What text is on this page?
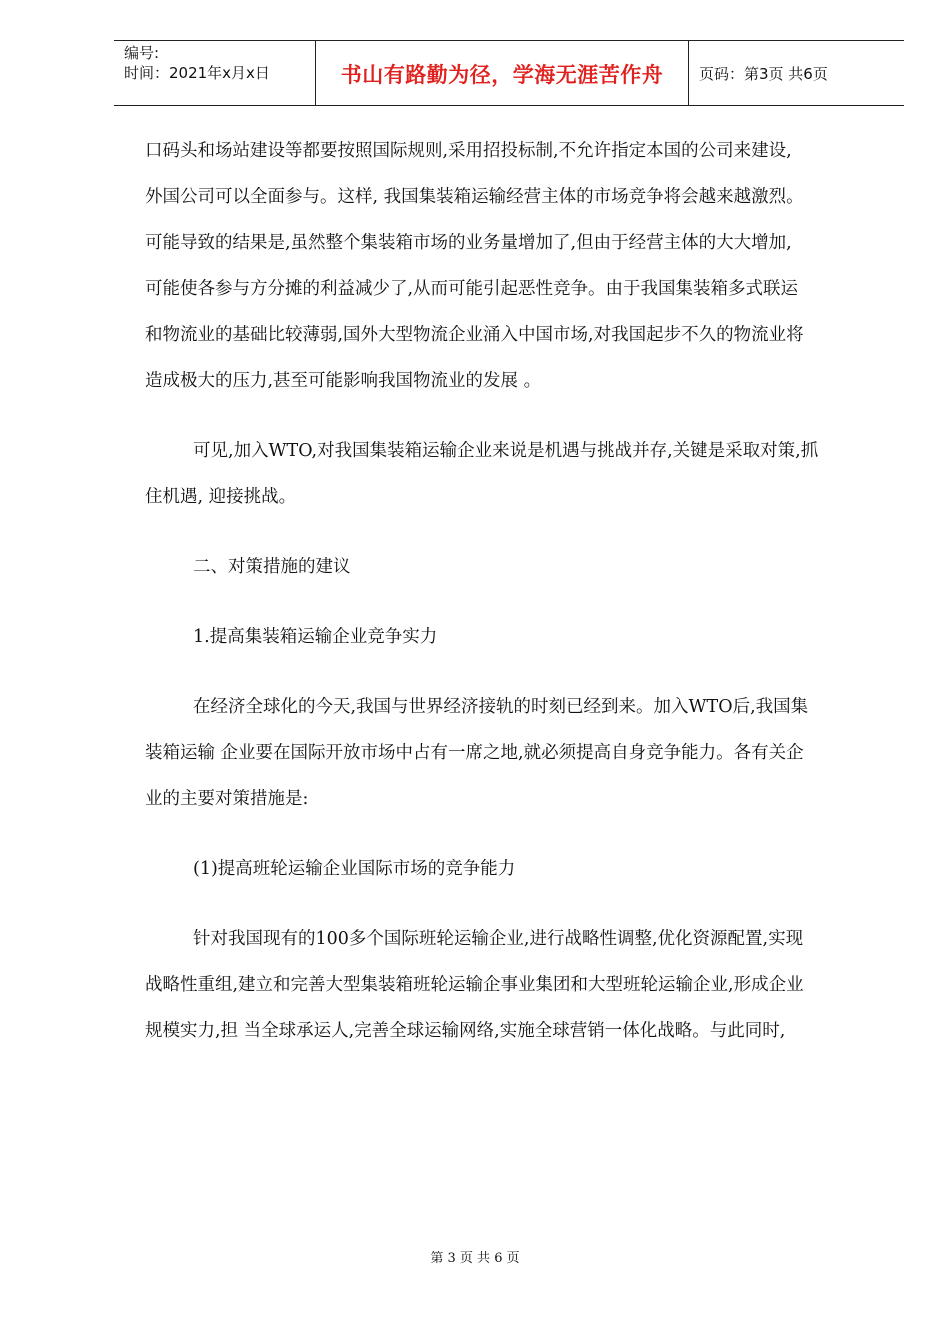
编号:
时间：2021年x月x日	书山有路勤为径，学海无涯苦作舟	页码：第3页 共6页

口码头和场站建设等都要按照国际规则,采用招投标制,不允许指定本国的公司来建设,
外国公司可以全面参与。这样, 我国集装箱运输经营主体的市场竞争将会越来越激烈。
可能导致的结果是,虽然整个集装箱市场的业务量增加了,但由于经营主体的大大增加,
可能使各参与方分摊的利益减少了,从而可能引起恶性竞争。由于我国集装箱多式联运
和物流业的基础比较薄弱,国外大型物流企业涌入中国市场,对我国起步不久的物流业将
造成极大的压力,甚至可能影响我国物流业的发展 。

可见,加入WTO,对我国集装箱运输企业来说是机遇与挑战并存,关键是采取对策,抓
住机遇, 迎接挑战。

二、对策措施的建议

1.提高集装箱运输企业竞争实力

在经济全球化的今天,我国与世界经济接轨的时刻已经到来。加入WTO后,我国集
装箱运输 企业要在国际开放市场中占有一席之地,就必须提高自身竞争能力。各有关企
业的主要对策措施是:

(1)提高班轮运输企业国际市场的竞争能力

针对我国现有的100多个国际班轮运输企业,进行战略性调整,优化资源配置,实现
战略性重组,建立和完善大型集装箱班轮运输企事业集团和大型班轮运输企业,形成企业
规模实力,担 当全球承运人,完善全球运输网络,实施全球营销一体化战略。与此同时,

第 3 页 共 6 页
